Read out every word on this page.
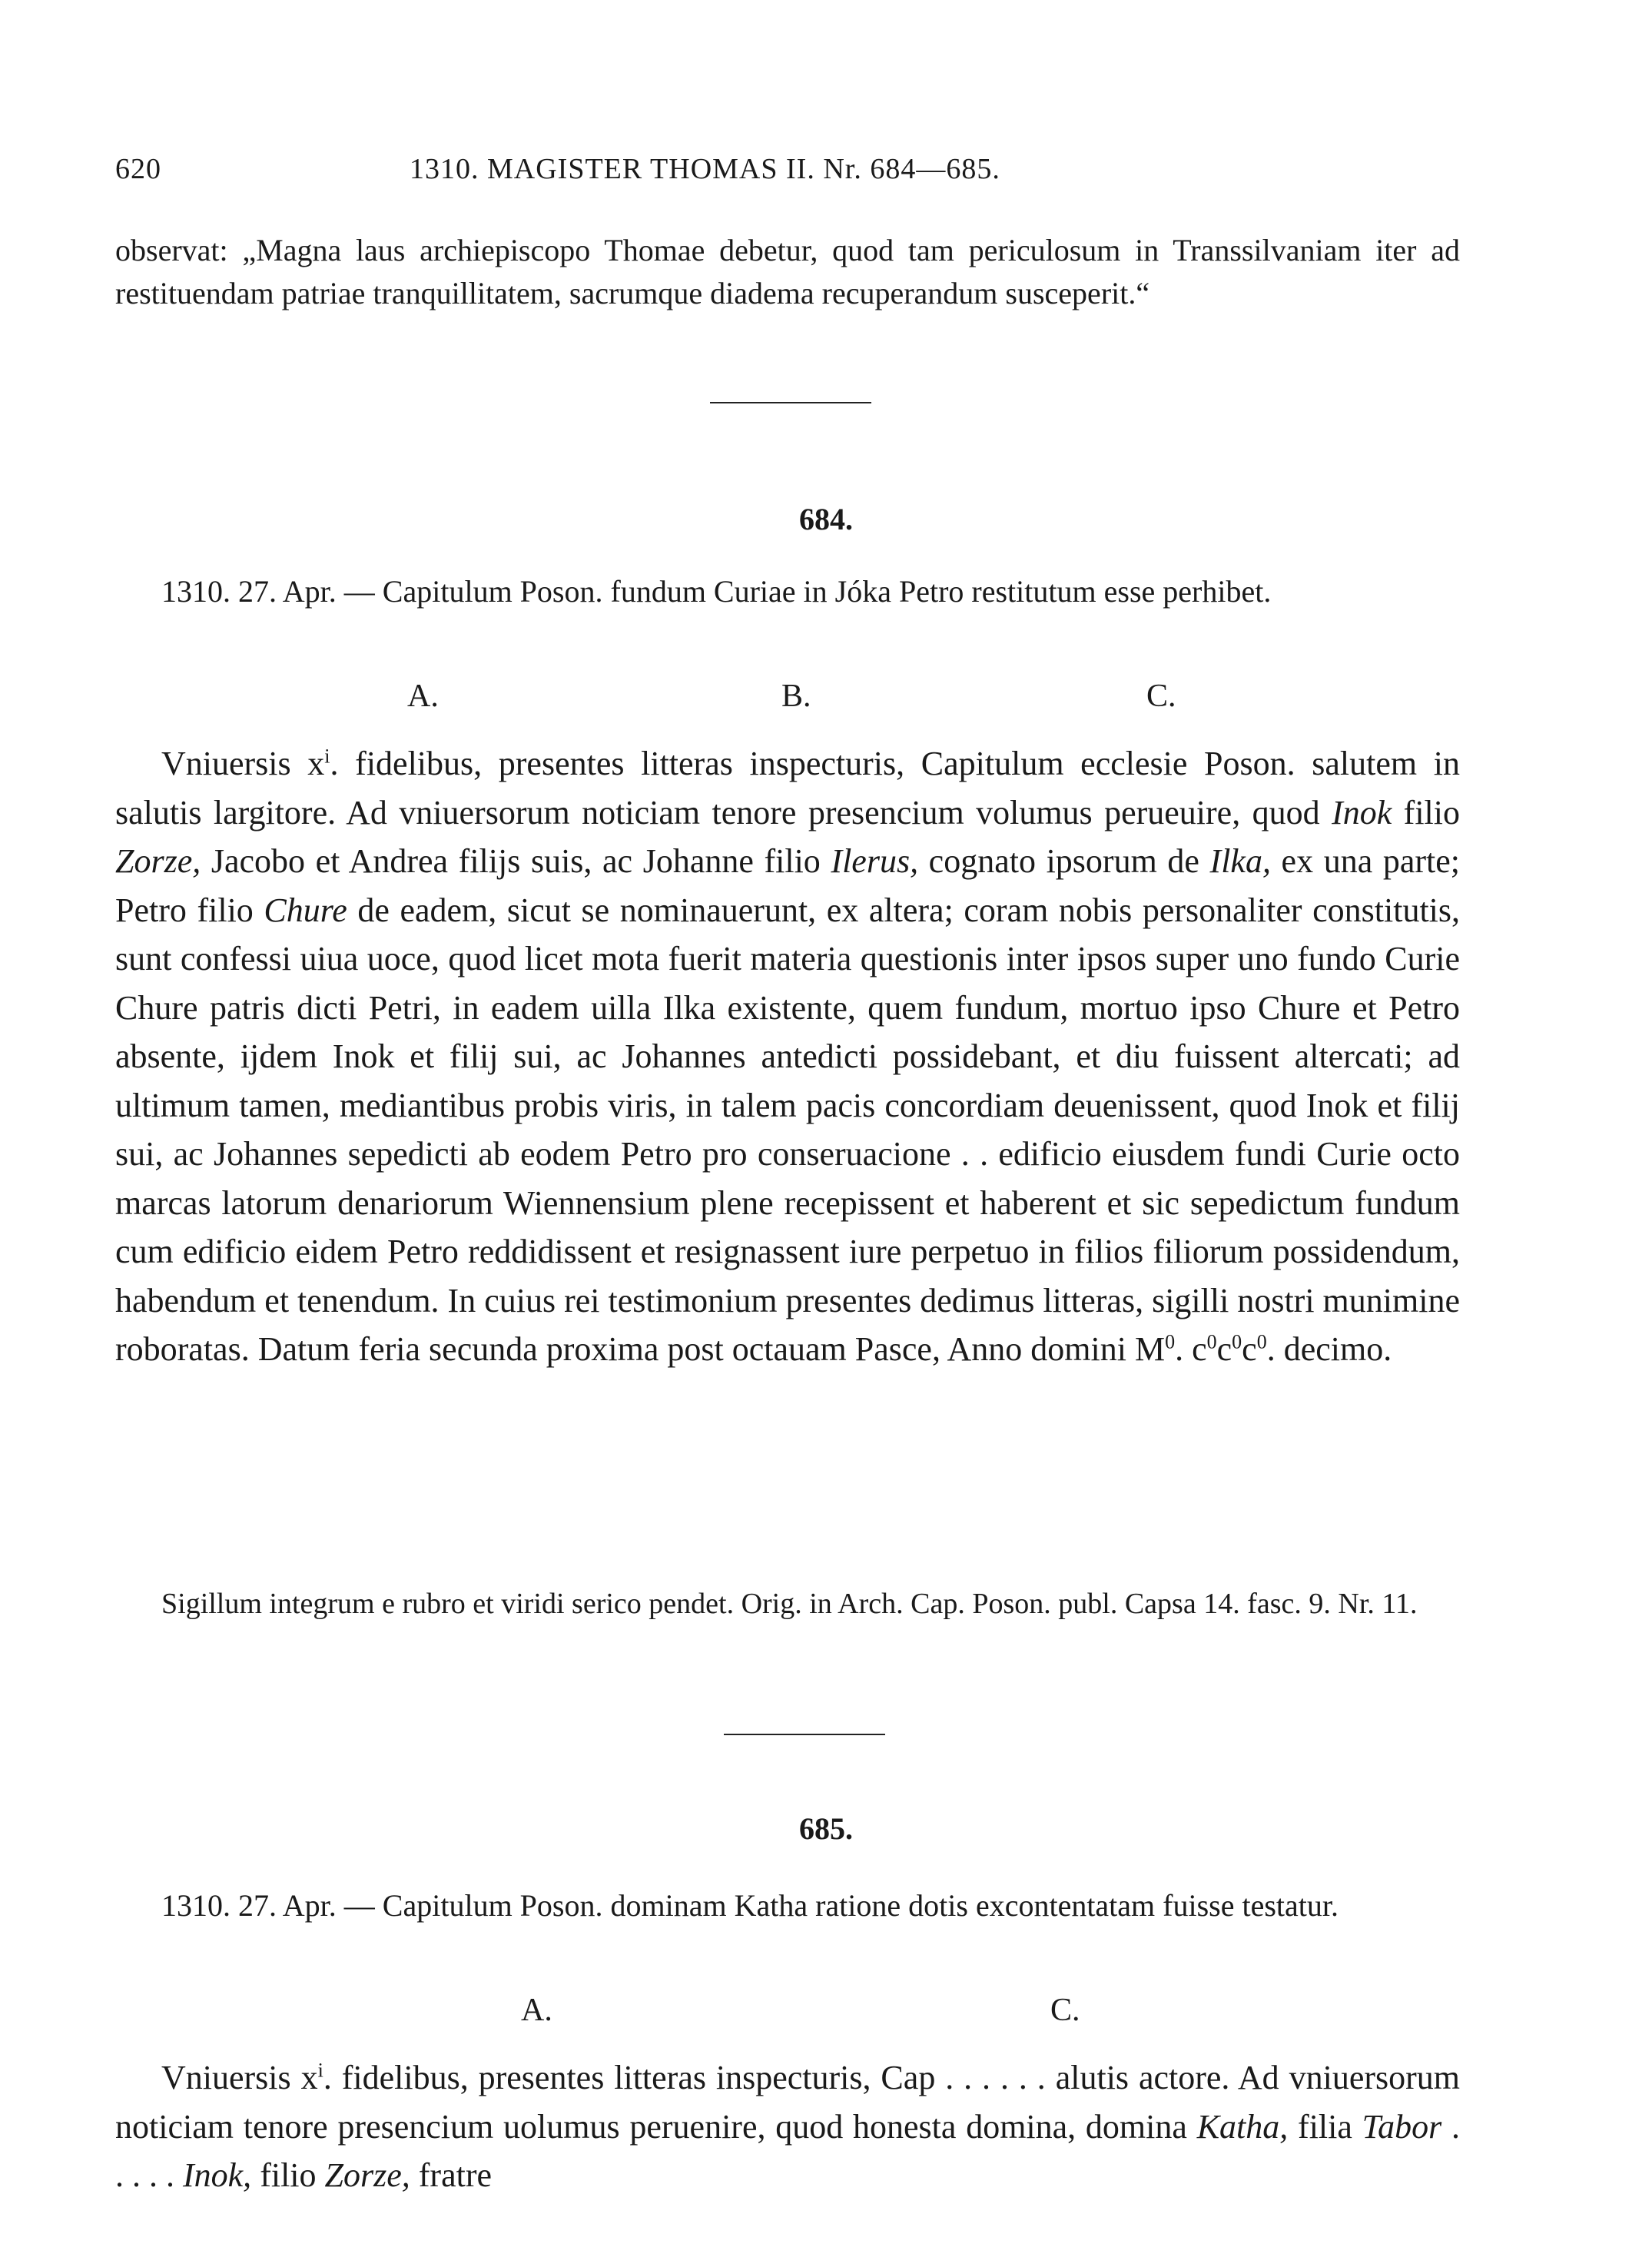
620	1310. MAGISTER THOMAS II. Nr. 684—685.
observat: „Magna laus archiepiscopo Thomae debetur, quod tam periculosum in Transsilvaniam iter ad restituendam patriae tranquillitatem, sacrumque diadema recuperandum susceperit.“
684.
1310. 27. Apr. — Capitulum Poson. fundum Curiae in Jóka Petro restitutum esse perhibet.
A.	B.	C.
Vniuersis $x^i$. fidelibus, presentes litteras inspecturis, Capitulum ecclesie Poson. salutem in salutis largitore. Ad vniuersorum noticiam tenore presencium volumus perueuire, quod Inok filio Zorze, Jacobo et Andrea filijs suis, ac Johanne filio Ilerus, cognato ipsorum de Ilka, ex una parte; Petro filio Chure de eadem, sicut se nominauerunt, ex altera; coram nobis personaliter constitutis, sunt confessi uiua uoce, quod licet mota fuerit materia questionis inter ipsos super uno fundo Curie Chure patris dicti Petri, in eadem uilla Ilka existente, quem fundum, mortuo ipso Chure et Petro absente, ijdem Inok et filij sui, ac Johannes antedicti possidebant, et diu fuissent altercati; ad ultimum tamen, mediantibus probis viris, in talem pacis concordiam deuenissent, quod Inok et filij sui, ac Johannes sepedicti ab eodem Petro pro conseruacione . . edificio eiusdem fundi Curie octo marcas latorum denariorum Wiennensium plene recepissent et haberent et sic sepedictum fundum cum edificio eidem Petro reddidissent et resignassent iure perpetuo in filios filiorum possidendum, habendum et tenendum. In cuius rei testimonium presentes dedimus litteras, sigilli nostri munimine roboratas. Datum feria secunda proxima post octauam Pasce, Anno domini $M^0$. $c^0c^0c^0$. decimo.
Sigillum integrum e rubro et viridi serico pendet. Orig. in Arch. Cap. Poson. publ. Capsa 14. fasc. 9. Nr. 11.
685.
1310. 27. Apr. — Capitulum Poson. dominam Katha ratione dotis excontentatam fuisse testatur.
A.	C.
Vniuersis $x^i$. fidelibus, presentes litteras inspecturis, Cap . . . . . . alutis actore. Ad vniuersorum noticiam tenore presencium uolumus peruenire, quod honesta domina, domina Katha, filia Tabor . . . . . Inok, filio Zorze, fratre
